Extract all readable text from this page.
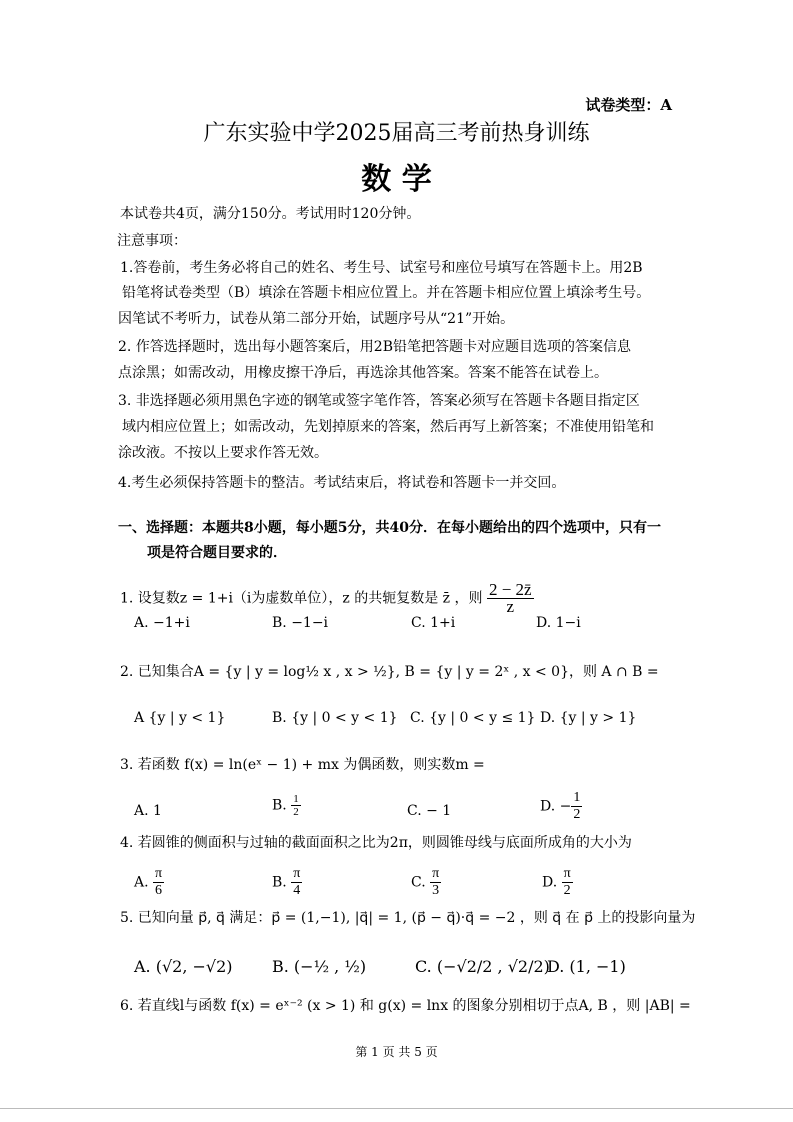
试卷类型：A
广东实验中学2025届高三考前热身训练
数 学
本试卷共4页，满分150分。考试用时120分钟。
注意事项：
1.答卷前，考生务必将自己的姓名、考生号、试室号和座位号填写在答题卡上。用2B
铅笔将试卷类型（B）填涂在答题卡相应位置上。并在答题卡相应位置上填涂考生号。
因笔试不考听力，试卷从第二部分开始，试题序号从“21”开始。
2. 作答选择题时，选出每小题答案后，用2B铅笔把答题卡对应题目选项的答案信息
点涂黑；如需改动，用橡皮擦干净后，再选涂其他答案。答案不能答在试卷上。
3. 非选择题必须用黑色字迹的钢笔或签字笔作答，答案必须写在答题卡各题目指定区
域内相应位置上；如需改动，先划掉原来的答案，然后再写上新答案；不准使用铅笔和
涂改液。不按以上要求作答无效。
4.考生必须保持答题卡的整洁。考试结束后，将试卷和答题卡一并交回。
一、选择题：本题共8小题，每小题5分，共40分．在每小题给出的四个选项中，只有一
项是符合题目要求的．
1. 设复数z = 1+i（i为虚数单位），z 的共轭复数是 z̄ ，则 $\frac{2 - 2z̄}{z}$
A. −1+i	B. −1−i	C. 1+i	D. 1−i
2. 已知集合A = {y | y = log½ x , x > ½}, B = {y | y = 2ˣ , x < 0}，则 A ∩ B =
A {y | y < 1}	B. {y | 0 < y < 1} C. {y | 0 < y ≤ 1} D. {y | y > 1}
3. 若函数 f(x) = ln(eˣ − 1) + mx 为偶函数，则实数m =
A. 1	B. $\frac{1}{2}$	C. − 1	D. − $\frac{1}{2}$
4. 若圆锥的侧面积与过轴的截面面积之比为2π，则圆锥母线与底面所成角的大小为
A. $\frac{\pi}{6}$	B. $\frac{\pi}{4}$	C. $\frac{\pi}{3}$	D. $\frac{\pi}{2}$
5. 已知向量 p⃗, q⃗ 满足：p⃗ = (1,−1), |q⃗| = 1, (p⃗ − q⃗)·q⃗ = −2 ，则 q⃗ 在 p⃗ 上的投影向量为
A. (√2, −√2) B. (−½ , ½)	C. (−√2/2 , √2/2)
D. (1, −1)
6. 若直线l与函数 f(x) = eˣ⁻² (x > 1) 和 g(x) = lnx 的图象分别相切于点A, B ，则 |AB| =
第 1 页 共 5 页
